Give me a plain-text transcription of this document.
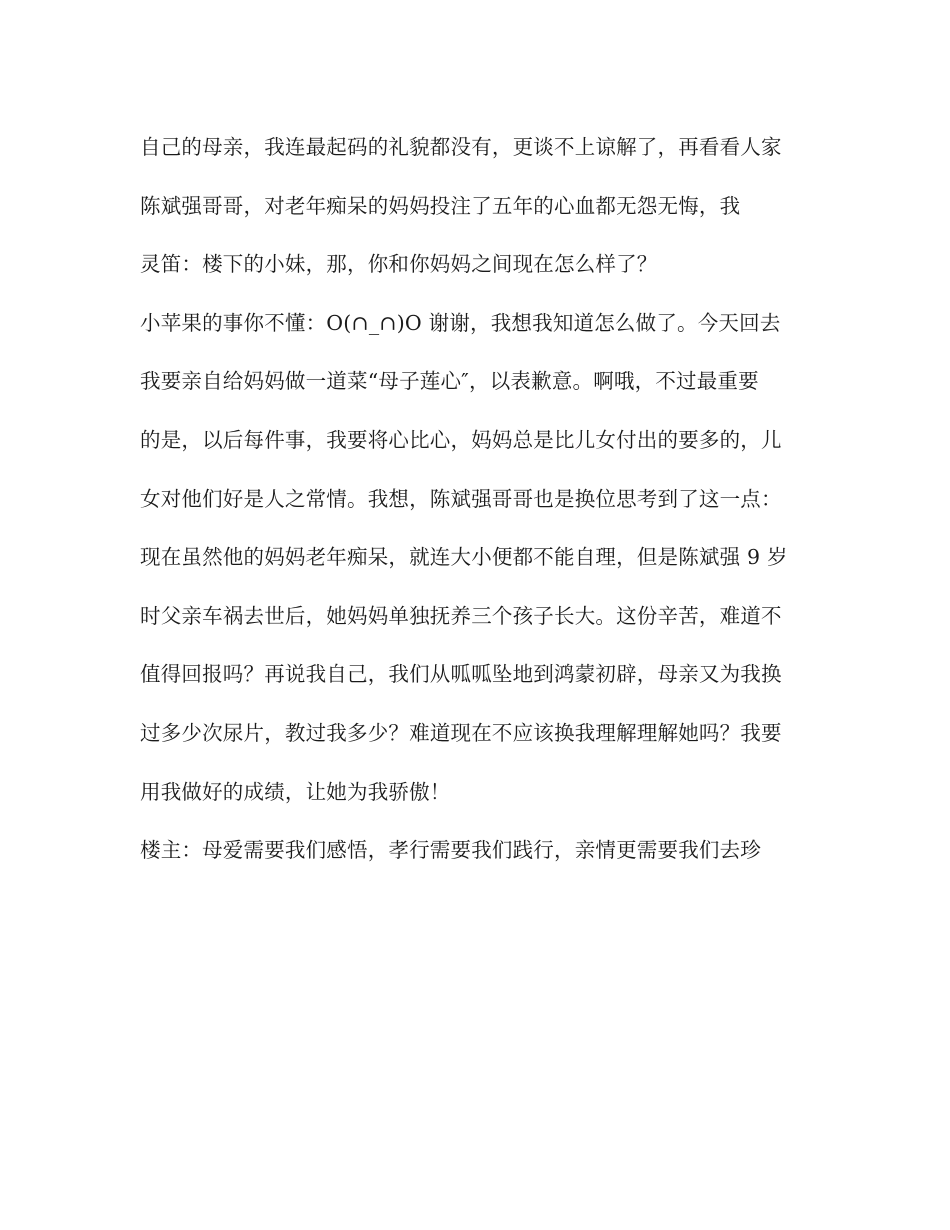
自己的母亲，我连最起码的礼貌都没有，更谈不上谅解了，再看看人家
陈斌强哥哥，对老年痴呆的妈妈投注了五年的心血都无怨无悔，我
灵笛：楼下的小妹，那，你和你妈妈之间现在怎么样了？
小苹果的事你不懂：O(∩_∩)O 谢谢，我想我知道怎么做了。今天回去
我要亲自给妈妈做一道菜“母子莲心″，以表歉意。啊哦，不过最重要
的是，以后每件事，我要将心比心，妈妈总是比儿女付出的要多的，儿
女对他们好是人之常情。我想，陈斌强哥哥也是换位思考到了这一点：
现在虽然他的妈妈老年痴呆，就连大小便都不能自理，但是陈斌强 9 岁
时父亲车祸去世后，她妈妈单独抚养三个孩子长大。这份辛苦，难道不
值得回报吗？再说我自己，我们从呱呱坠地到鸿蒙初辟，母亲又为我换
过多少次尿片，教过我多少？难道现在不应该换我理解理解她吗？我要
用我做好的成绩，让她为我骄傲！
楼主：母爱需要我们感悟，孝行需要我们践行，亲情更需要我们去珍
